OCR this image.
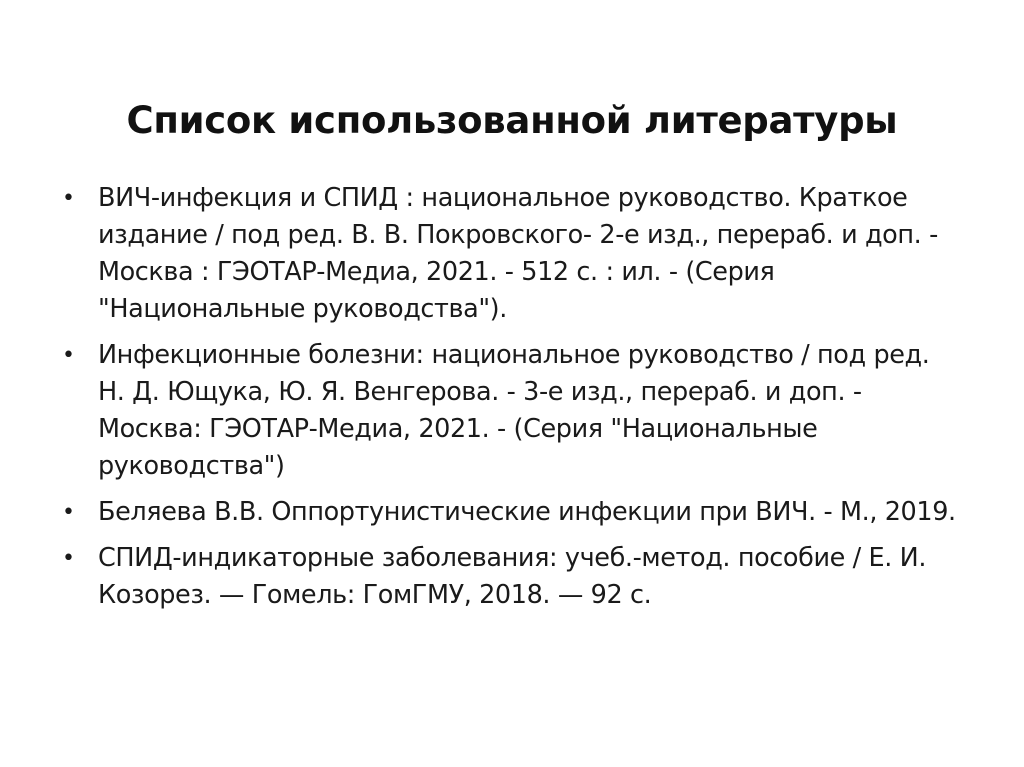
Список использованной литературы
• ВИЧ-инфекция и СПИД : национальное руководство. Краткое издание / под ред. В. В. Покровского- 2-е изд., перераб. и доп. - Москва : ГЭОТАР-Медиа, 2021. - 512 с. : ил. - (Серия "Национальные руководства").
• Инфекционные болезни: национальное руководство / под ред. Н. Д. Ющука, Ю. Я. Венгерова. - 3-е изд., перераб. и доп. - Москва: ГЭОТАР-Медиа, 2021. - (Серия "Национальные руководства")
• Беляева В.В. Оппортунистические инфекции при ВИЧ. - М., 2019.
• СПИД-индикаторные заболевания: учеб.-метод. пособие / Е. И. Козорез. — Гомель: ГомГМУ, 2018. — 92 с.
